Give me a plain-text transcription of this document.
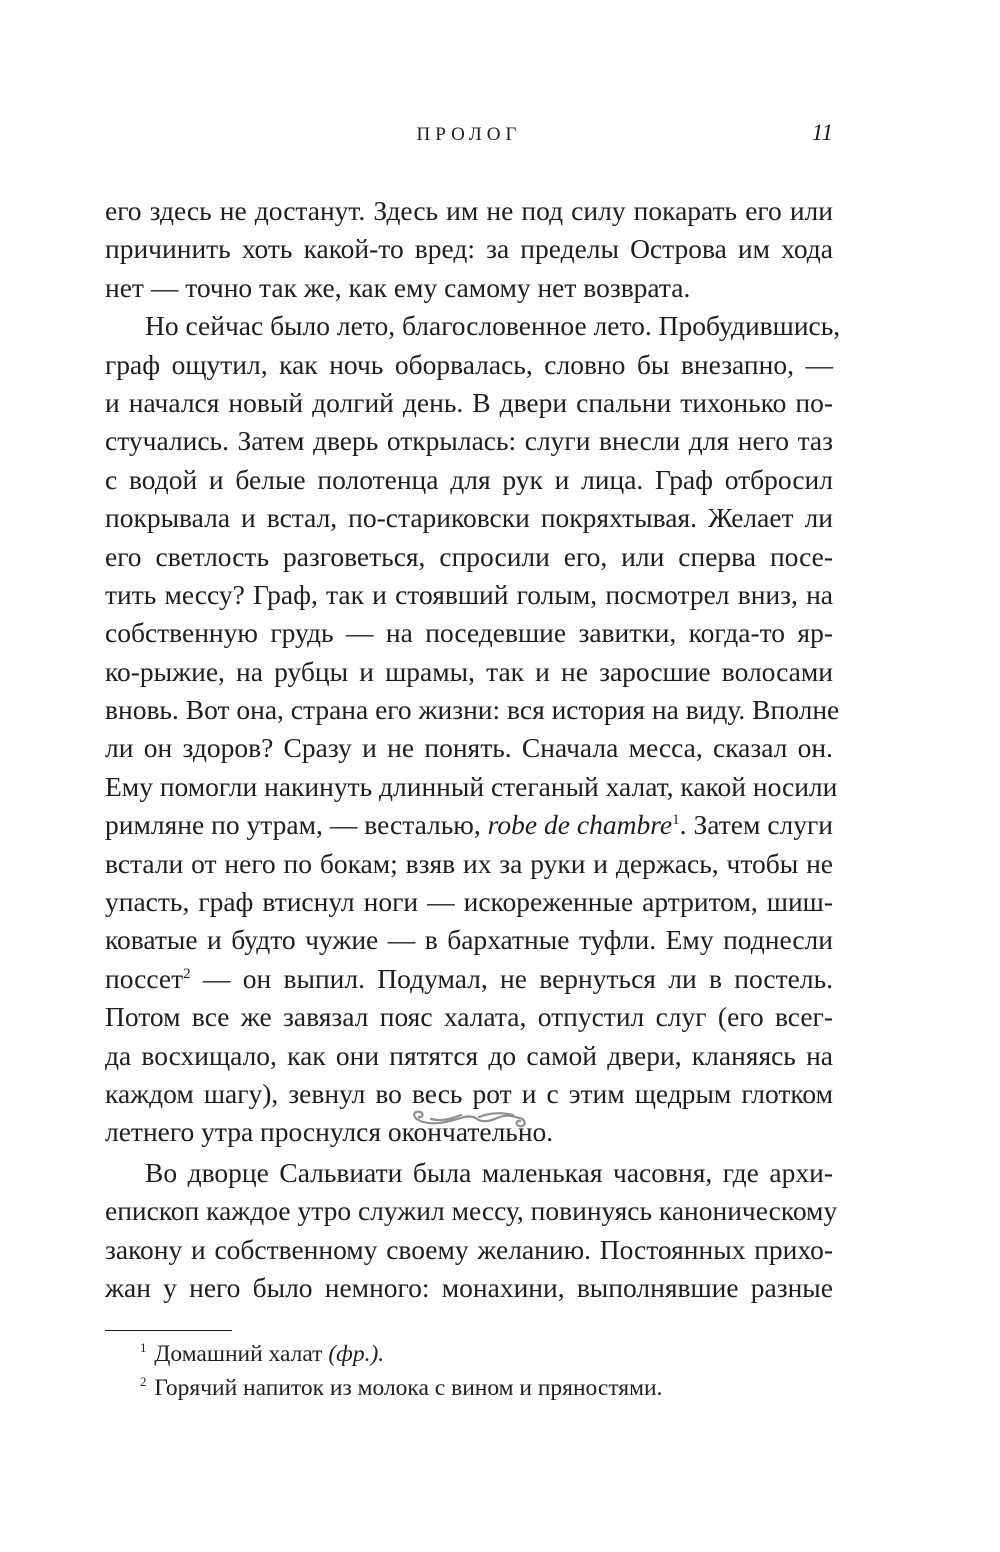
ПРОЛОГ	11
его здесь не достанут. Здесь им не под силу покарать его или
причинить хоть какой-то вред: за пределы Острова им хода
нет — точно так же, как ему самому нет возврата.
Но сейчас было лето, благословенное лето. Пробудившись,
граф ощутил, как ночь оборвалась, словно бы внезапно, —
и начался новый долгий день. В двери спальни тихонько по-
стучались. Затем дверь открылась: слуги внесли для него таз
с водой и белые полотенца для рук и лица. Граф отбросил
покрывала и встал, по-стариковски покряхтывая. Желает ли
его светлость разговеться, спросили его, или сперва посе-
тить мессу? Граф, так и стоявший голым, посмотрел вниз, на
собственную грудь — на поседевшие завитки, когда-то яр-
ко-рыжие, на рубцы и шрамы, так и не заросшие волосами
вновь. Вот она, страна его жизни: вся история на виду. Вполне
ли он здоров? Сразу и не понять. Сначала месса, сказал он.
Ему помогли накинуть длинный стеганый халат, какой носили
римляне по утрам, — весталью, robe de chambre$^1$. Затем слуги
встали от него по бокам; взяв их за руки и держась, чтобы не
упасть, граф втиснул ноги — искореженные артритом, шиш-
коватые и будто чужие — в бархатные туфли. Ему поднесли
поссет$^2$ — он выпил. Подумал, не вернуться ли в постель.
Потом все же завязал пояс халата, отпустил слуг (его всег-
да восхищало, как они пятятся до самой двери, кланяясь на
каждом шагу), зевнул во весь рот и с этим щедрым глотком
летнего утра проснулся окончательно.
Во дворце Сальвиати была маленькая часовня, где архи-
епископ каждое утро служил мессу, повинуясь каноническому
закону и собственному своему желанию. Постоянных прихо-
жан у него было немного: монахини, выполнявшие разные
$^1$ Домашний халат (фр.).
$^2$ Горячий напиток из молока с вином и пряностями.
